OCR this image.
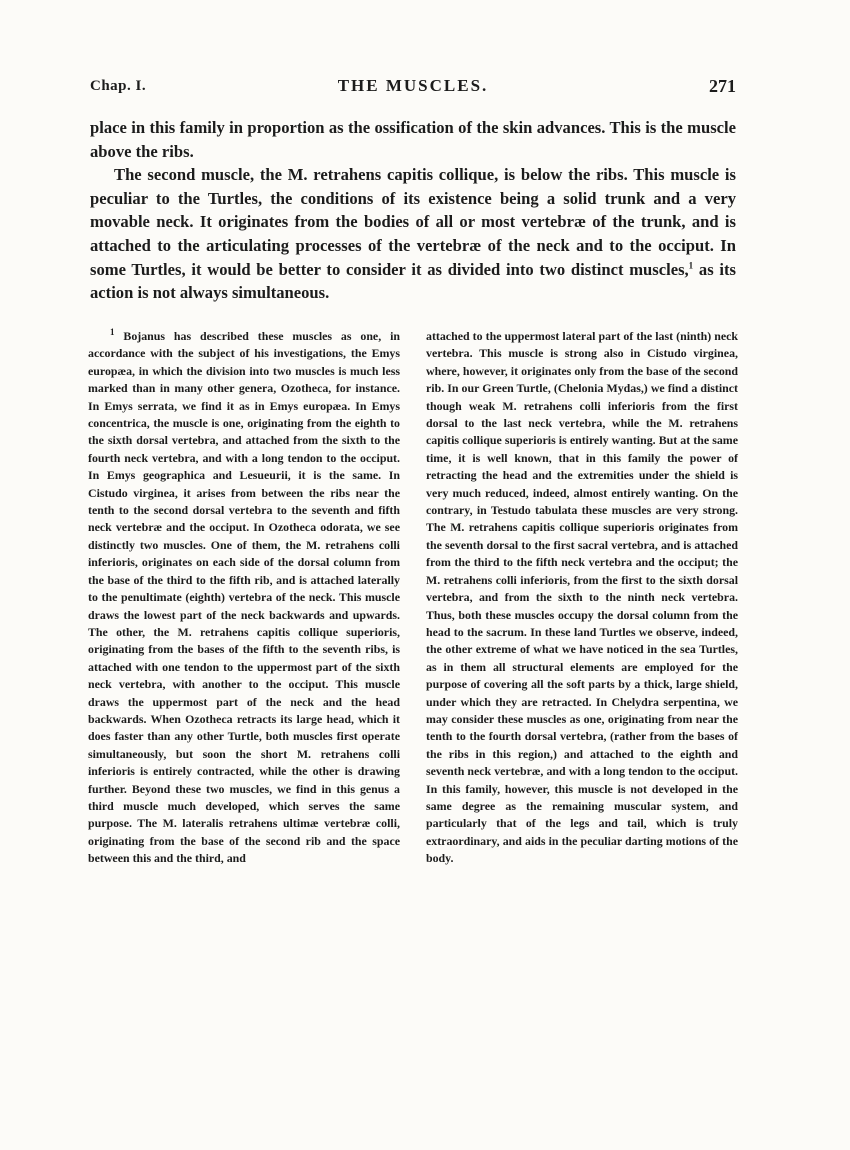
Chap. I.	THE MUSCLES.	271

place in this family in proportion as the ossification of the skin advances. This is the muscle above the ribs.

The second muscle, the M. retrahens capitis collique, is below the ribs. This muscle is peculiar to the Turtles, the conditions of its existence being a solid trunk and a very movable neck. It originates from the bodies of all or most vertebræ of the trunk, and is attached to the articulating processes of the vertebræ of the neck and to the occiput. In some Turtles, it would be better to consider it as divided into two distinct muscles,$^1$ as its action is not always simultaneous.

$^1$ Bojanus has described these muscles as one, in accordance with the subject of his investigations, the Emys europæa, in which the division into two muscles is much less marked than in many other genera, Ozotheca, for instance. In Emys serrata, we find it as in Emys europæa. In Emys concentrica, the muscle is one, originating from the eighth to the sixth dorsal vertebra, and attached from the sixth to the fourth neck vertebra, and with a long tendon to the occiput. In Emys geographica and Lesueurii, it is the same. In Cistudo virginea, it arises from between the ribs near the tenth to the second dorsal vertebra to the seventh and fifth neck vertebræ and the occiput. In Ozotheca odorata, we see distinctly two muscles. One of them, the M. retrahens colli inferioris, originates on each side of the dorsal column from the base of the third to the fifth rib, and is attached laterally to the penultimate (eighth) vertebra of the neck. This muscle draws the lowest part of the neck backwards and upwards. The other, the M. retrahens capitis collique superioris, originating from the bases of the fifth to the seventh ribs, is attached with one tendon to the uppermost part of the sixth neck vertebra, with another to the occiput. This muscle draws the uppermost part of the neck and the head backwards. When Ozotheca retracts its large head, which it does faster than any other Turtle, both muscles first operate simultaneously, but soon the short M. retrahens colli inferioris is entirely contracted, while the other is drawing further. Beyond these two muscles, we find in this genus a third muscle much developed, which serves the same purpose. The M. lateralis retrahens ultimæ vertebræ colli, originating from the base of the second rib and the space between this and the third, and

attached to the uppermost lateral part of the last (ninth) neck vertebra. This muscle is strong also in Cistudo virginea, where, however, it originates only from the base of the second rib. In our Green Turtle, (Chelonia Mydas,) we find a distinct though weak M. retrahens colli inferioris from the first dorsal to the last neck vertebra, while the M. retrahens capitis collique superioris is entirely wanting. But at the same time, it is well known, that in this family the power of retracting the head and the extremities under the shield is very much reduced, indeed, almost entirely wanting. On the contrary, in Testudo tabulata these muscles are very strong. The M. retrahens capitis collique superioris originates from the seventh dorsal to the first sacral vertebra, and is attached from the third to the fifth neck vertebra and the occiput; the M. retrahens colli inferioris, from the first to the sixth dorsal vertebra, and from the sixth to the ninth neck vertebra. Thus, both these muscles occupy the dorsal column from the head to the sacrum. In these land Turtles we observe, indeed, the other extreme of what we have noticed in the sea Turtles, as in them all structural elements are employed for the purpose of covering all the soft parts by a thick, large shield, under which they are retracted. In Chelydra serpentina, we may consider these muscles as one, originating from near the tenth to the fourth dorsal vertebra, (rather from the bases of the ribs in this region,) and attached to the eighth and seventh neck vertebræ, and with a long tendon to the occiput. In this family, however, this muscle is not developed in the same degree as the remaining muscular system, and particularly that of the legs and tail, which is truly extraordinary, and aids in the peculiar darting motions of the body.
